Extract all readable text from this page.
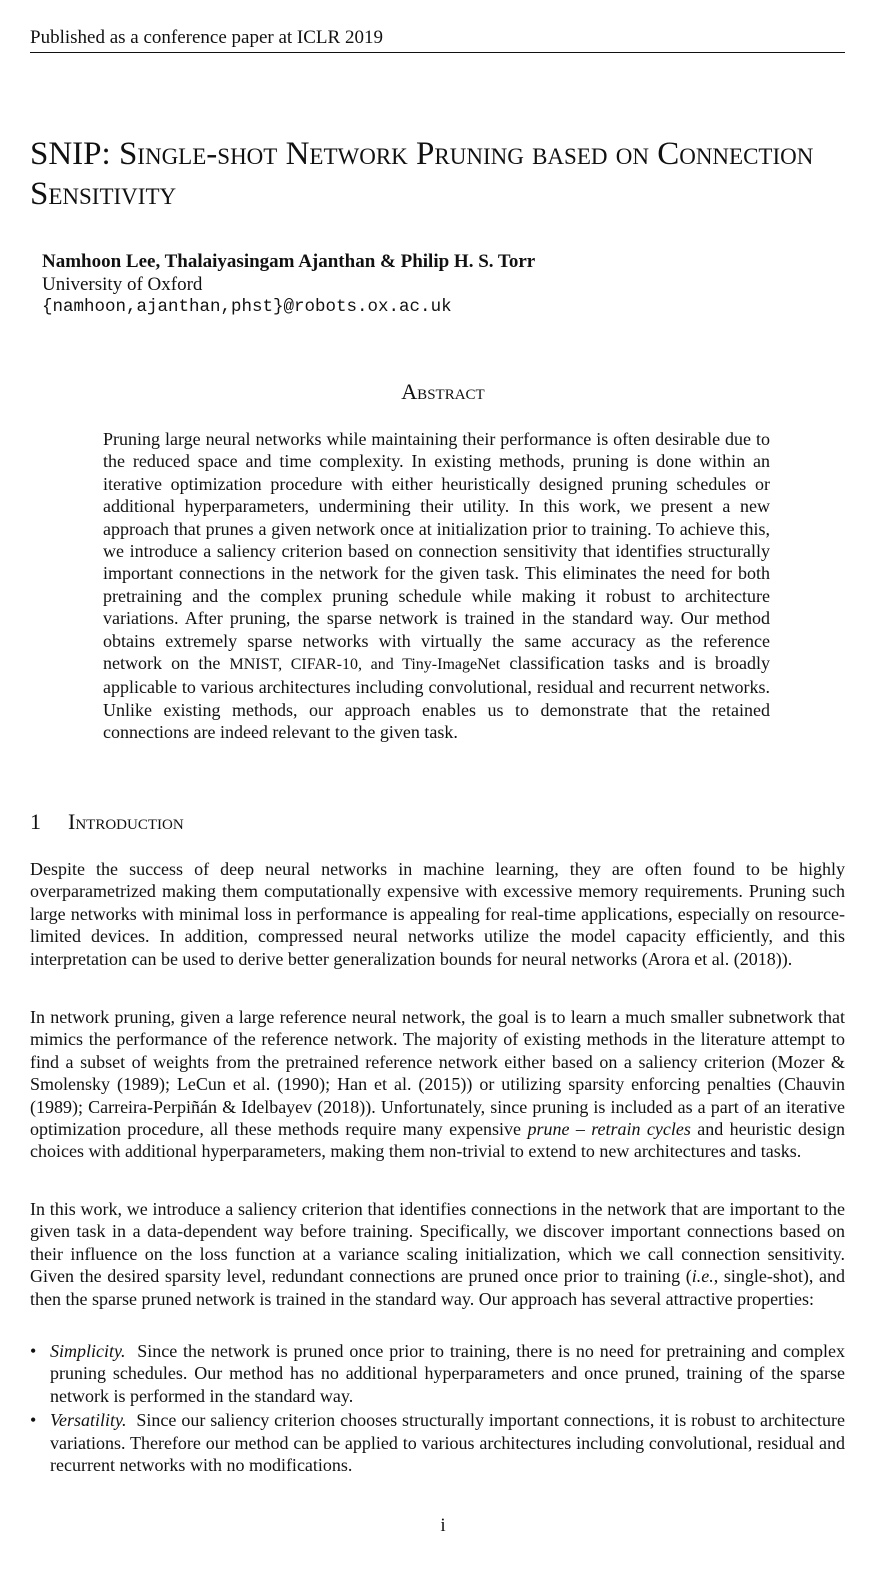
Published as a conference paper at ICLR 2019
SNIP: Single-shot Network Pruning based on Connection Sensitivity
Namhoon Lee, Thalaiyasingam Ajanthan & Philip H. S. Torr
University of Oxford
{namhoon,ajanthan,phst}@robots.ox.ac.uk
Abstract
Pruning large neural networks while maintaining their performance is often desirable due to the reduced space and time complexity. In existing methods, pruning is done within an iterative optimization procedure with either heuristically designed pruning schedules or additional hyperparameters, undermining their utility. In this work, we present a new approach that prunes a given network once at initialization prior to training. To achieve this, we introduce a saliency criterion based on connection sensitivity that identifies structurally important connections in the network for the given task. This eliminates the need for both pretraining and the complex pruning schedule while making it robust to architecture variations. After pruning, the sparse network is trained in the standard way. Our method obtains extremely sparse networks with virtually the same accuracy as the reference network on the MNIST, CIFAR-10, and Tiny-ImageNet classification tasks and is broadly applicable to various architectures including convolutional, residual and recurrent networks. Unlike existing methods, our approach enables us to demonstrate that the retained connections are indeed relevant to the given task.
1 Introduction
Despite the success of deep neural networks in machine learning, they are often found to be highly overparametrized making them computationally expensive with excessive memory requirements. Pruning such large networks with minimal loss in performance is appealing for real-time applications, especially on resource-limited devices. In addition, compressed neural networks utilize the model capacity efficiently, and this interpretation can be used to derive better generalization bounds for neural networks (Arora et al. (2018)).
In network pruning, given a large reference neural network, the goal is to learn a much smaller subnetwork that mimics the performance of the reference network. The majority of existing methods in the literature attempt to find a subset of weights from the pretrained reference network either based on a saliency criterion (Mozer & Smolensky (1989); LeCun et al. (1990); Han et al. (2015)) or utilizing sparsity enforcing penalties (Chauvin (1989); Carreira-Perpiñán & Idelbayev (2018)). Unfortunately, since pruning is included as a part of an iterative optimization procedure, all these methods require many expensive prune – retrain cycles and heuristic design choices with additional hyperparameters, making them non-trivial to extend to new architectures and tasks.
In this work, we introduce a saliency criterion that identifies connections in the network that are important to the given task in a data-dependent way before training. Specifically, we discover important connections based on their influence on the loss function at a variance scaling initialization, which we call connection sensitivity. Given the desired sparsity level, redundant connections are pruned once prior to training (i.e., single-shot), and then the sparse pruned network is trained in the standard way. Our approach has several attractive properties:
• Simplicity. Since the network is pruned once prior to training, there is no need for pretraining and complex pruning schedules. Our method has no additional hyperparameters and once pruned, training of the sparse network is performed in the standard way.
• Versatility. Since our saliency criterion chooses structurally important connections, it is robust to architecture variations. Therefore our method can be applied to various architectures including convolutional, residual and recurrent networks with no modifications.
i
